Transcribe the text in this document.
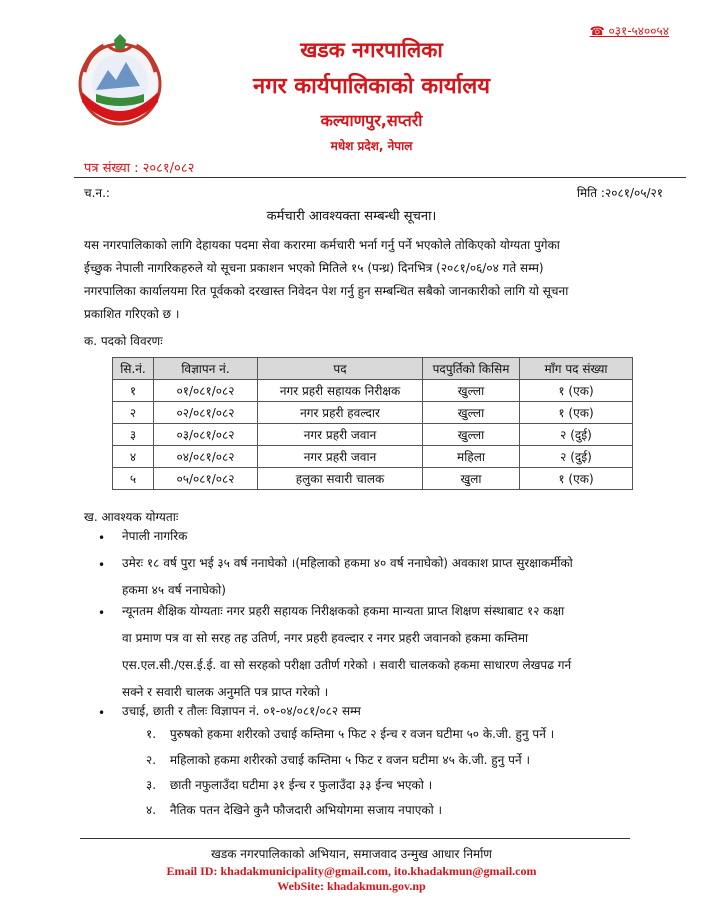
☎ ०३१-५४००५४
खडक नगरपालिका
नगर कार्यपालिकाको कार्यालय
कल्याणपुर,सप्तरी
मधेश प्रदेश, नेपाल
पत्र संख्या : २०८१/०८२
च.न.:	मिति :२०८१/०५/२१
कर्मचारी आवश्यक्ता सम्बन्धी सूचना।
यस नगरपालिकाको लागि देहायका पदमा सेवा करारमा कर्मचारी भर्ना गर्नु पर्ने भएकोले तोकिएको योग्यता पुगेका
ईच्छुक नेपाली नागरिकहरुले यो सूचना प्रकाशन भएको मितिले १५ (पन्ध्र) दिनभित्र (२०८१/०६/०४ गते सम्म)
नगरपालिका कार्यालयमा रित पूर्वककाे दरखास्त निवेदन पेश गर्नु हुन सम्बन्धित सबैको जानकारीको लागि यो सूचना
प्रकाशित गरिएको छ ।
क. पदको विवरणः
सि.नं.	विज्ञापन नं.	पद	पदपुर्तिको किसिम	माँग पद संख्या
१	०१/०८१/०८२	नगर प्रहरी सहायक निरीक्षक	खुल्ला	१ (एक)
२	०२/०८१/०८२	नगर प्रहरी हवल्दार	खुल्ला	१ (एक)
३	०३/०८१/०८२	नगर प्रहरी जवान	खुल्ला	२ (दुई)
४	०४/०८१/०८२	नगर प्रहरी जवान	महिला	२ (दुई)
५	०५/०८१/०८२	हलुका सवारी चालक	खुला	१ (एक)
ख. आवश्यक योग्यताः
• नेपाली नागरिक
• उमेरः १८ वर्ष पुरा भई ३५ वर्ष ननाघेको ।(महिलाको हकमा ४० वर्ष ननाघेको) अवकाश प्राप्त सुरक्षाकर्मीको
हकमा ४५ वर्ष ननाघेको)
• न्यूनतम शैक्षिक योग्यताः नगर प्रहरी सहायक निरीक्षकको हकमा मान्यता प्राप्त शिक्षण संस्थाबाट १२ कक्षा
वा प्रमाण पत्र वा सो सरह तह उतिर्ण, नगर प्रहरी हवल्दार र नगर प्रहरी जवानको हकमा कम्तिमा
एस.एल.सी./एस.ई.ई. वा सो सरहको परीक्षा उतीर्ण गरेको । सवारी चालकको हकमा साधारण लेखपढ गर्न
सक्ने र सवारी चालक अनुमति पत्र प्राप्त गरेको ।
• उचाई, छाती र तौलः विज्ञापन नं. ०१-०४/०८१/०८२ सम्म
१. पुरुषको हकमा शरीरको उचाई कम्तिमा ५ फिट २ ईन्च र वजन घटीमा ५० के.जी. हुनु पर्ने ।
२. महिलाको हकमा शरीरको उचाई कम्तिमा ५ फिट र वजन घटीमा ४५ के.जी. हुनु पर्ने ।
३. छाती नफुलाउँदा घटीमा ३१ ईन्च र फुलाउँदा ३३ ईन्च भएको ।
४. नैतिक पतन देखिने कुनै फौजदारी अभियोगमा सजाय नपाएको ।
खडक नगरपालिकाको अभियान, समाजवाद उन्मुख आधार निर्माण
Email ID: khadakmunicipality@gmail.com, ito.khadakmun@gmail.com
WebSite: khadakmun.gov.np
